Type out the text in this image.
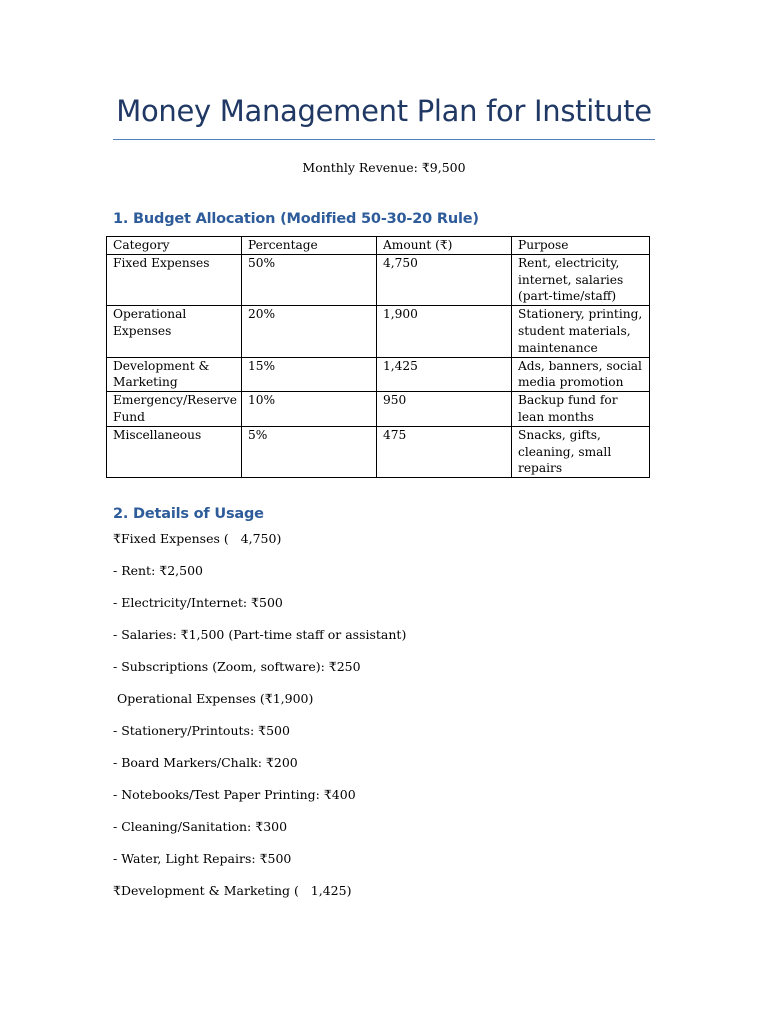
Money Management Plan for Institute
Monthly Revenue: ₹9,500
1. Budget Allocation (Modified 50-30-20 Rule)
Category	Percentage	Amount (₹)	Purpose
Fixed Expenses	50%	4,750	Rent, electricity, internet, salaries (part-time/staff)
Operational Expenses	20%	1,900	Stationery, printing, student materials, maintenance
Development & Marketing	15%	1,425	Ads, banners, social media promotion
Emergency/Reserve Fund	10%	950	Backup fund for lean months
Miscellaneous	5%	475	Snacks, gifts, cleaning, small repairs
2. Details of Usage
₹Fixed Expenses (   4,750)
- Rent: ₹2,500
- Electricity/Internet: ₹500
- Salaries: ₹1,500 (Part-time staff or assistant)
- Subscriptions (Zoom, software): ₹250
Operational Expenses (₹1,900)
- Stationery/Printouts: ₹500
- Board Markers/Chalk: ₹200
- Notebooks/Test Paper Printing: ₹400
- Cleaning/Sanitation: ₹300
- Water, Light Repairs: ₹500
₹Development & Marketing (   1,425)
